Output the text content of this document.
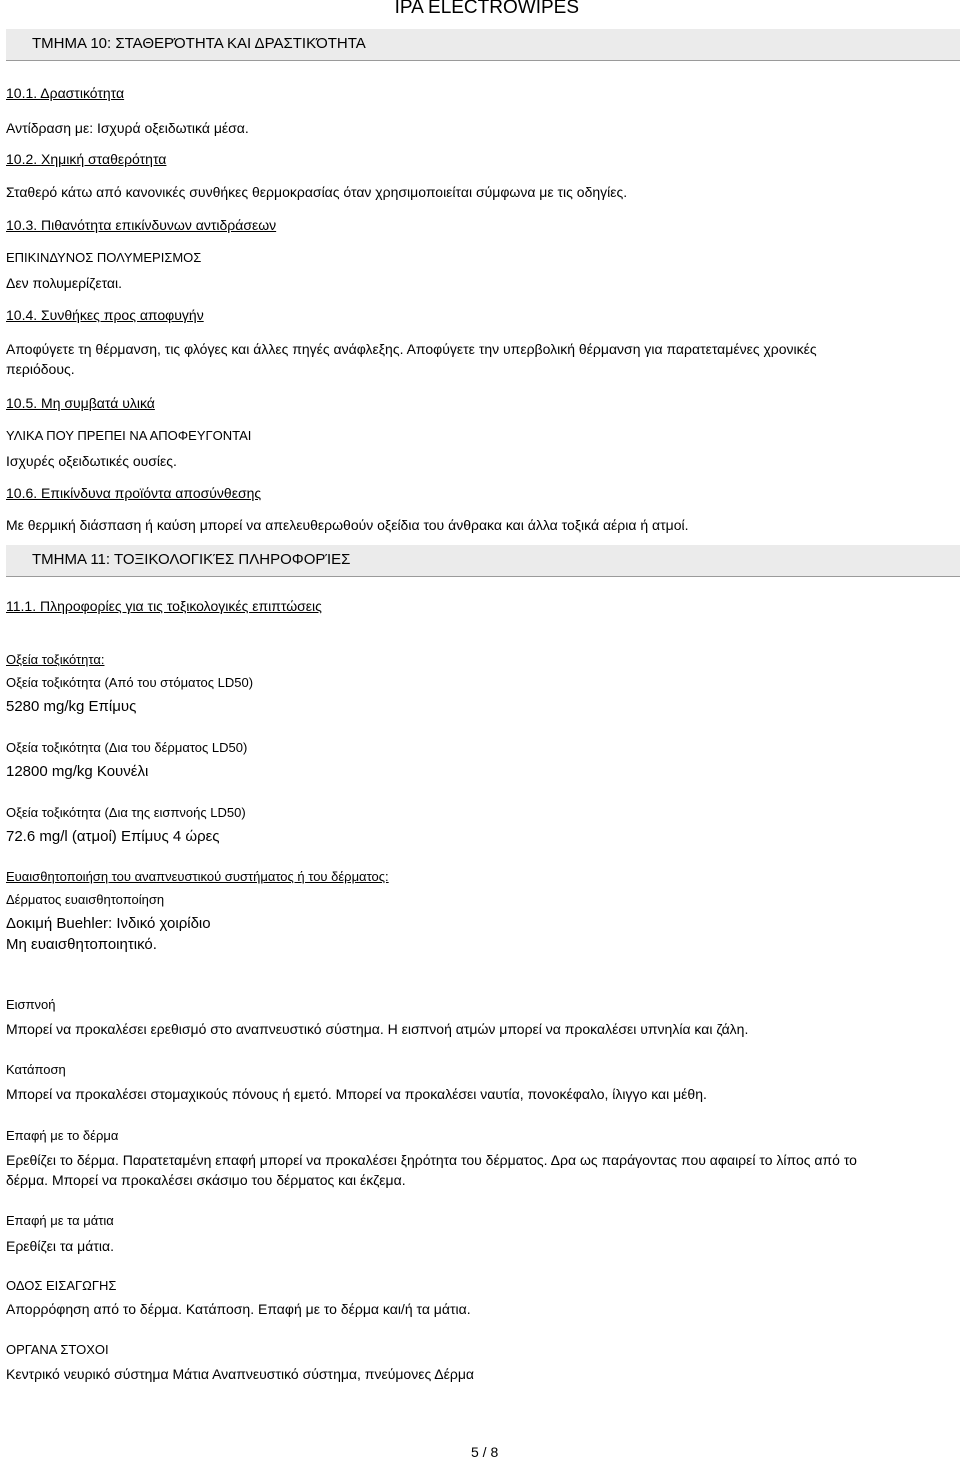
IPA ELECTROWIPES
ΤΜΗΜΑ 10: ΣΤΑΘΕΡΌΤΗΤΑ ΚΑΙ ΔΡΑΣΤΙΚΌΤΗΤΑ
10.1. Δραστικότητα
Αντίδραση με: Ισχυρά οξειδωτικά μέσα.
10.2. Χημική σταθερότητα
Σταθερό κάτω από κανονικές συνθήκες θερμοκρασίας όταν χρησιμοποιείται σύμφωνα με τις οδηγίες.
10.3. Πιθανότητα επικίνδυνων αντιδράσεων
ΕΠΙΚΙΝΔΥΝΟΣ ΠΟΛΥΜΕΡΙΣΜΟΣ
Δεν πολυμερίζεται.
10.4. Συνθήκες προς αποφυγήν
Αποφύγετε τη θέρμανση, τις φλόγες και άλλες πηγές ανάφλεξης. Αποφύγετε την υπερβολική θέρμανση για παρατεταμένες χρονικές περιόδους.
10.5. Μη συμβατά υλικά
ΥΛΙΚΑ ΠΟΥ ΠΡΕΠΕΙ ΝΑ ΑΠΟΦΕΥΓΟΝΤΑΙ
Ισχυρές οξειδωτικές ουσίες.
10.6. Επικίνδυνα προϊόντα αποσύνθεσης
Με θερμική διάσπαση ή καύση μπορεί να απελευθερωθούν οξείδια του άνθρακα και άλλα τοξικά αέρια ή ατμοί.
ΤΜΗΜΑ 11: ΤΟΞΙΚΟΛΟΓΙΚΈΣ ΠΛΗΡΟΦΟΡΊΕΣ
11.1. Πληροφορίες για τις τοξικολογικές επιπτώσεις
Οξεία τοξικότητα:
Οξεία τοξικότητα (Από του στόματος LD50)
5280 mg/kg Επίμυς
Οξεία τοξικότητα (Δια του δέρματος LD50)
12800 mg/kg Κουνέλι
Οξεία τοξικότητα (Δια της εισπνοής LD50)
72.6 mg/l (ατμοί) Επίμυς 4 ώρες
Ευαισθητοποιήση του αναπνευστικού συστήματος ή του δέρματος:
Δέρματος ευαισθητοποίηση
Δοκιμή Buehler: Ινδικό χοιρίδιο
Μη ευαισθητοποιητικό.
Εισπνοή
Μπορεί να προκαλέσει ερεθισμό στο αναπνευστικό σύστημα. Η εισπνοή ατμών μπορεί να προκαλέσει υπνηλία και ζάλη.
Κατάποση
Μπορεί να προκαλέσει στομαχικούς πόνους ή εμετό. Μπορεί να προκαλέσει ναυτία, πονοκέφαλο, ίλιγγο και μέθη.
Επαφή με το δέρμα
Ερεθίζει το δέρμα. Παρατεταμένη επαφή μπορεί να προκαλέσει ξηρότητα του δέρματος. Δρα ως παράγοντας που αφαιρεί το λίπος από το δέρμα. Μπορεί να προκαλέσει σκάσιμο του δέρματος και έκζεμα.
Επαφή με τα μάτια
Ερεθίζει τα μάτια.
ΟΔΟΣ ΕΙΣΑΓΩΓΗΣ
Απορρόφηση από το δέρμα. Κατάποση. Επαφή με το δέρμα και/ή τα μάτια.
ΟΡΓΑΝΑ ΣΤΟΧΟΙ
Κεντρικό νευρικό σύστημα Μάτια Αναπνευστικό σύστημα, πνεύμονες Δέρμα
5 / 8
